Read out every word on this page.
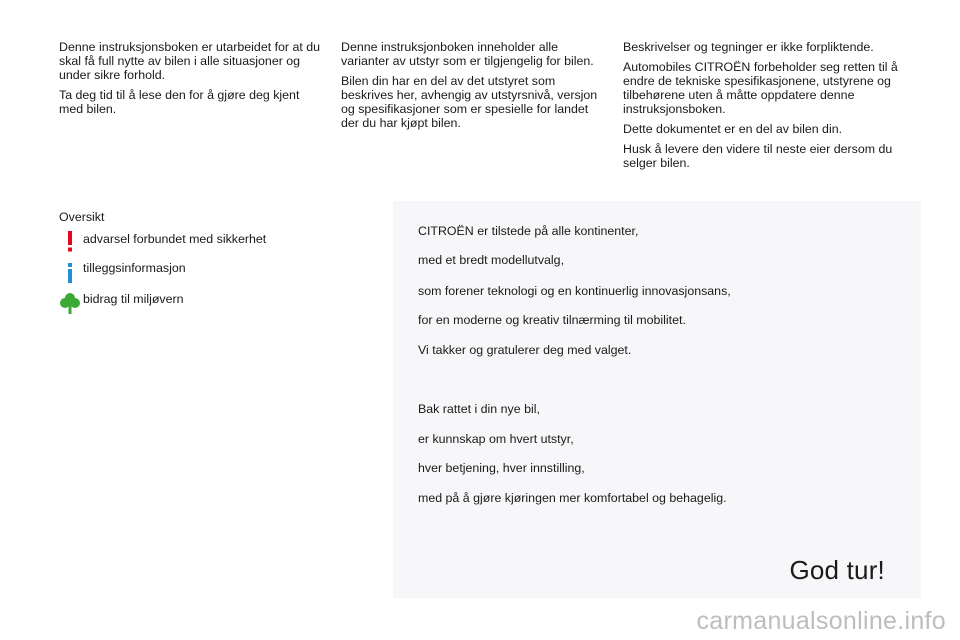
Denne instruksjonsboken er utarbeidet for at du skal få full nytte av bilen i alle situasjoner og under sikre forhold.

Ta deg tid til å lese den for å gjøre deg kjent med bilen.

Denne instruksjonboken inneholder alle varianter av utstyr som er tilgjengelig for bilen.

Bilen din har en del av det utstyret som beskrives her, avhengig av utstyrsnivå, versjon og spesifikasjoner som er spesielle for landet der du har kjøpt bilen.

Beskrivelser og tegninger er ikke forpliktende.

Automobiles CITROËN forbeholder seg retten til å endre de tekniske spesifikasjonene, utstyrene og tilbehørene uten å måtte oppdatere denne instruksjonsboken.

Dette dokumentet er en del av bilen din.

Husk å levere den videre til neste eier dersom du selger bilen.

Oversikt
advarsel forbundet med sikkerhet
tilleggsinformasjon
bidrag til miljøvern
CITROËN er tilstede på alle kontinenter,
med et bredt modellutvalg,
som forener teknologi og en kontinuerlig innovasjonsans,
for en moderne og kreativ tilnærming til mobilitet.
Vi takker og gratulerer deg med valget.
Bak rattet i din nye bil,
er kunnskap om hvert utstyr,
hver betjening, hver innstilling,
med på å gjøre kjøringen mer komfortabel og behagelig.
God tur!
carmanualsonline.info
